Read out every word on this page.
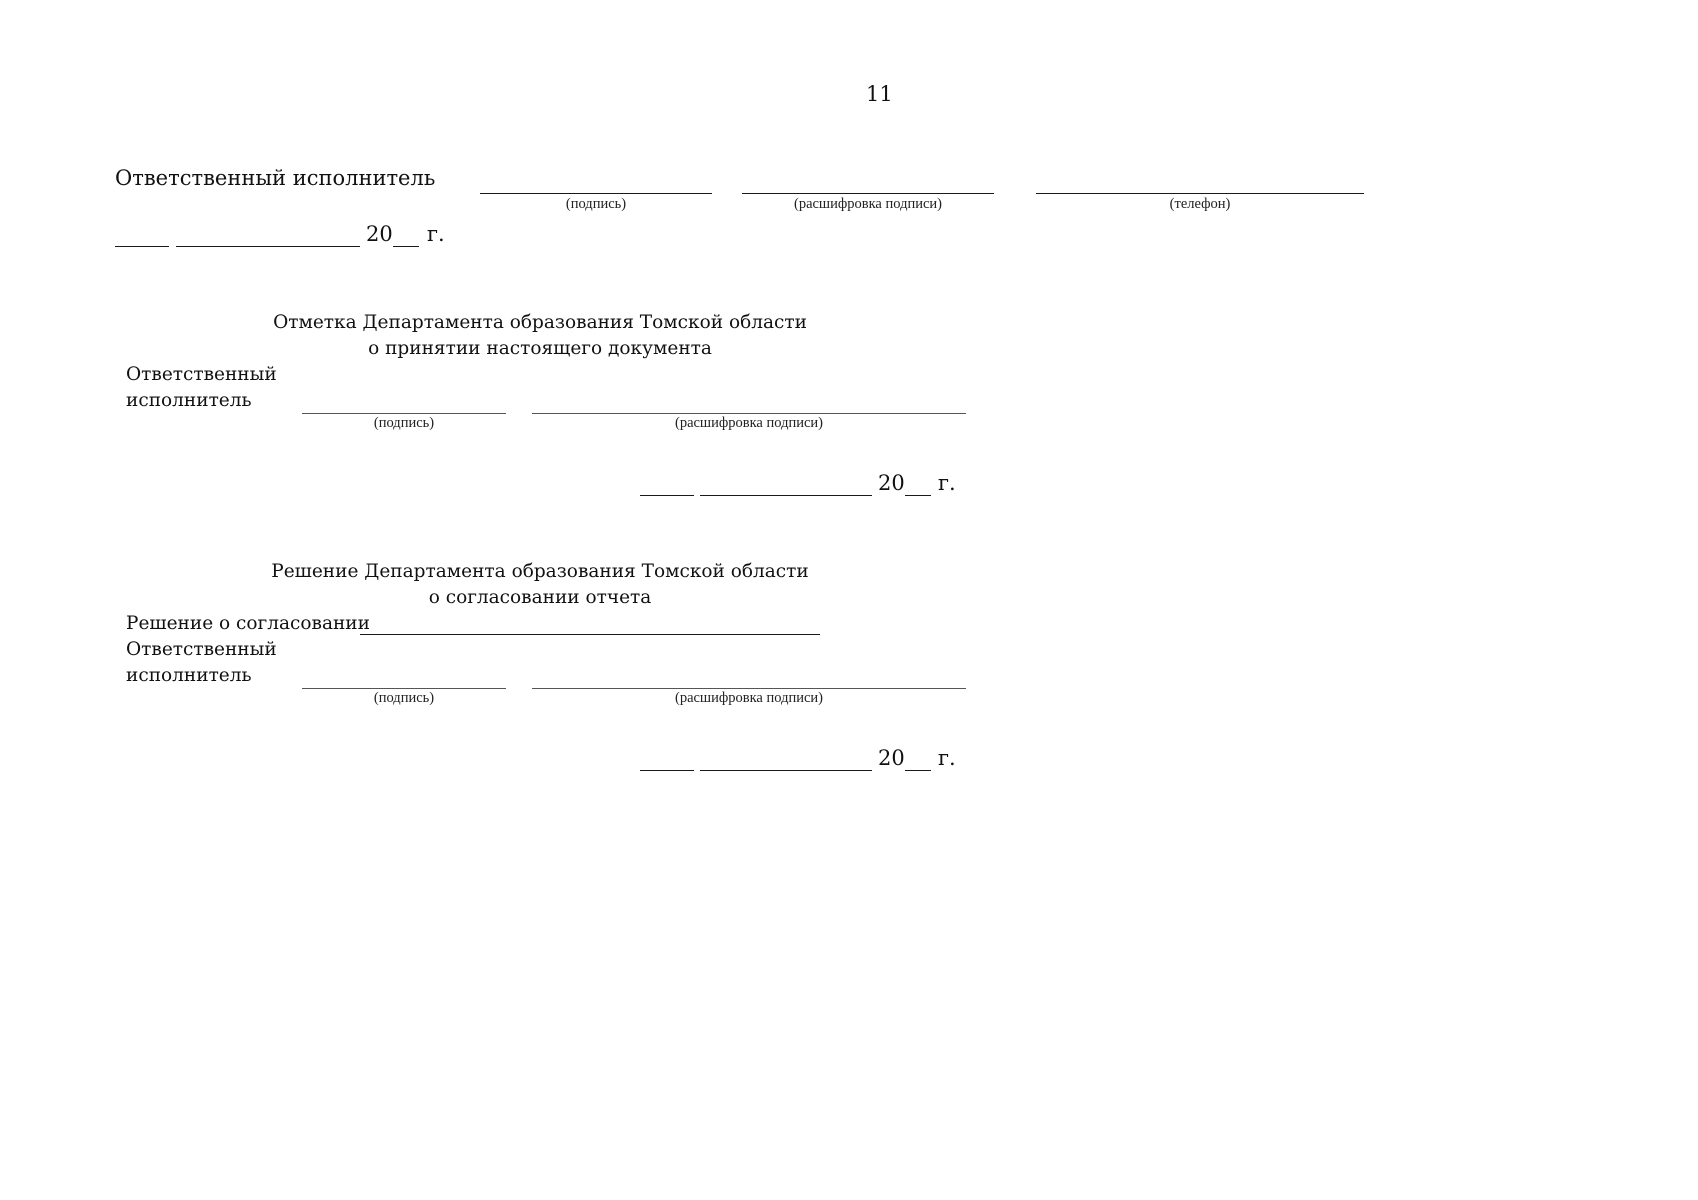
11
Ответственный исполнитель
(подпись)	(расшифровка подписи)	(телефон)
20 г.
Отметка Департамента образования Томской области
о принятии настоящего документа
Ответственный
исполнитель
(подпись)	(расшифровка подписи)
20 г.
Решение Департамента образования Томской области
о согласовании отчета
Решение о согласовании
Ответственный
исполнитель
(подпись)	(расшифровка подписи)
20 г.
